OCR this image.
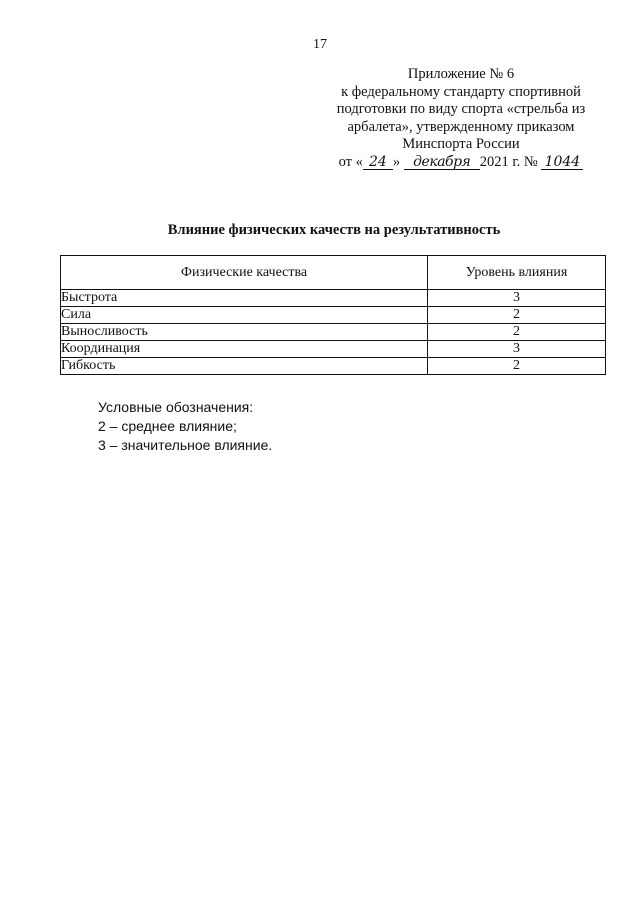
17
Приложение № 6
к федеральному стандарту спортивной
подготовки по виду спорта «стрельба из
арбалета», утвержденному приказом
Минспорта России
от « 24 » декабря 2021 г. № 1044
Влияние физических качеств на результативность
Физические качества	Уровень влияния
Быстрота	3
Сила	2
Выносливость	2
Координация	3
Гибкость	2
Условные обозначения:
2 – среднее влияние;
3 – значительное влияние.
